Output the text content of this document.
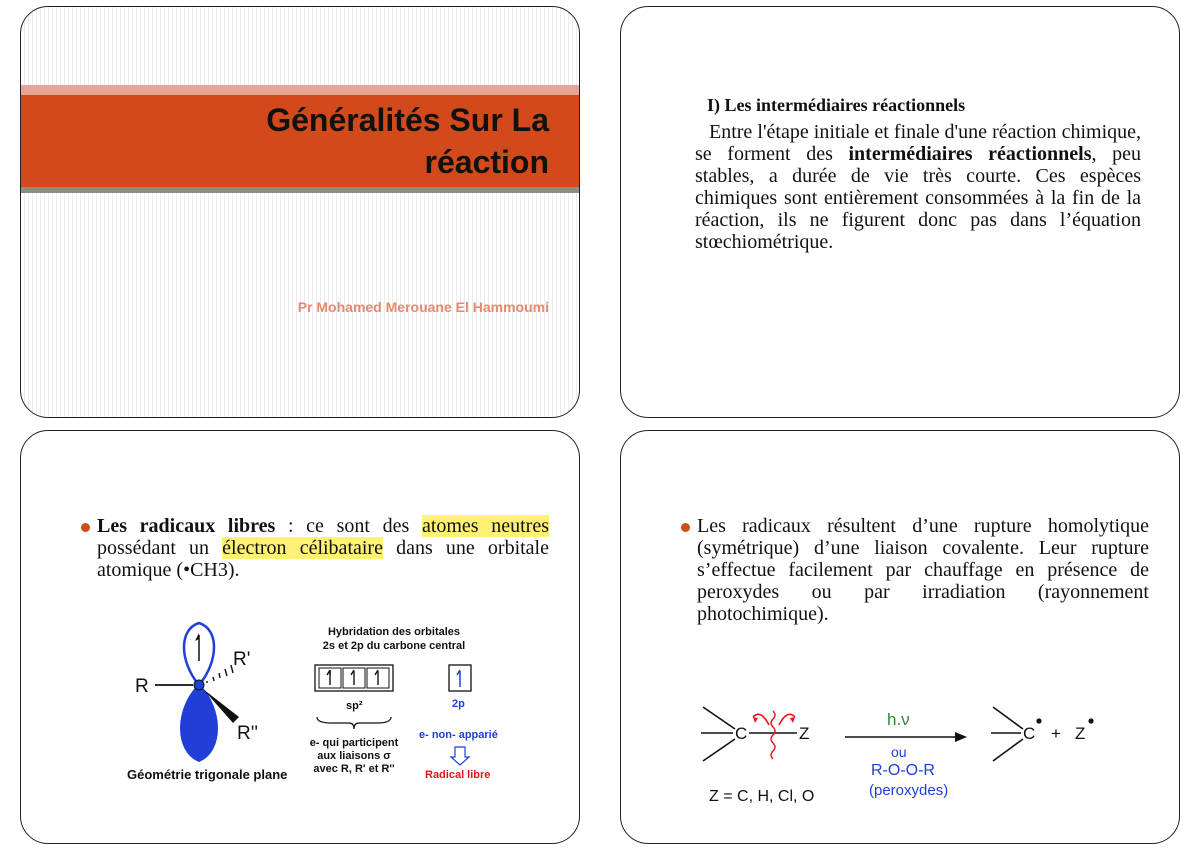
Généralités Sur La
réaction
Pr Mohamed Merouane El Hammoumi
I) Les intermédiaires réactionnels
Entre l'étape initiale et finale d'une réaction chimique, se forment des intermédiaires réactionnels, peu stables, a durée de vie très courte. Ces espèces chimiques sont entièrement consommées à la fin de la réaction, ils ne figurent donc pas dans l’équation stœchiométrique.
Les radicaux libres : ce sont des atomes neutres possédant un électron célibataire dans une orbitale atomique (•CH3).
R
R'
R''
Géométrie trigonale plane
Hybridation des orbitales
2s et 2p du carbone central
sp²	2p
e- qui participent
aux liaisons σ
avec R, R' et R''
e- non- apparié
Radical libre
Les radicaux résultent d’une rupture homolytique (symétrique) d’une liaison covalente. Leur rupture s’effectue facilement par chauffage en présence de peroxydes ou par irradiation (rayonnement photochimique).
C	Z
h.ν
ou
R-O-O-R
(peroxydes)
C + Z
Z = C, H, Cl, O
